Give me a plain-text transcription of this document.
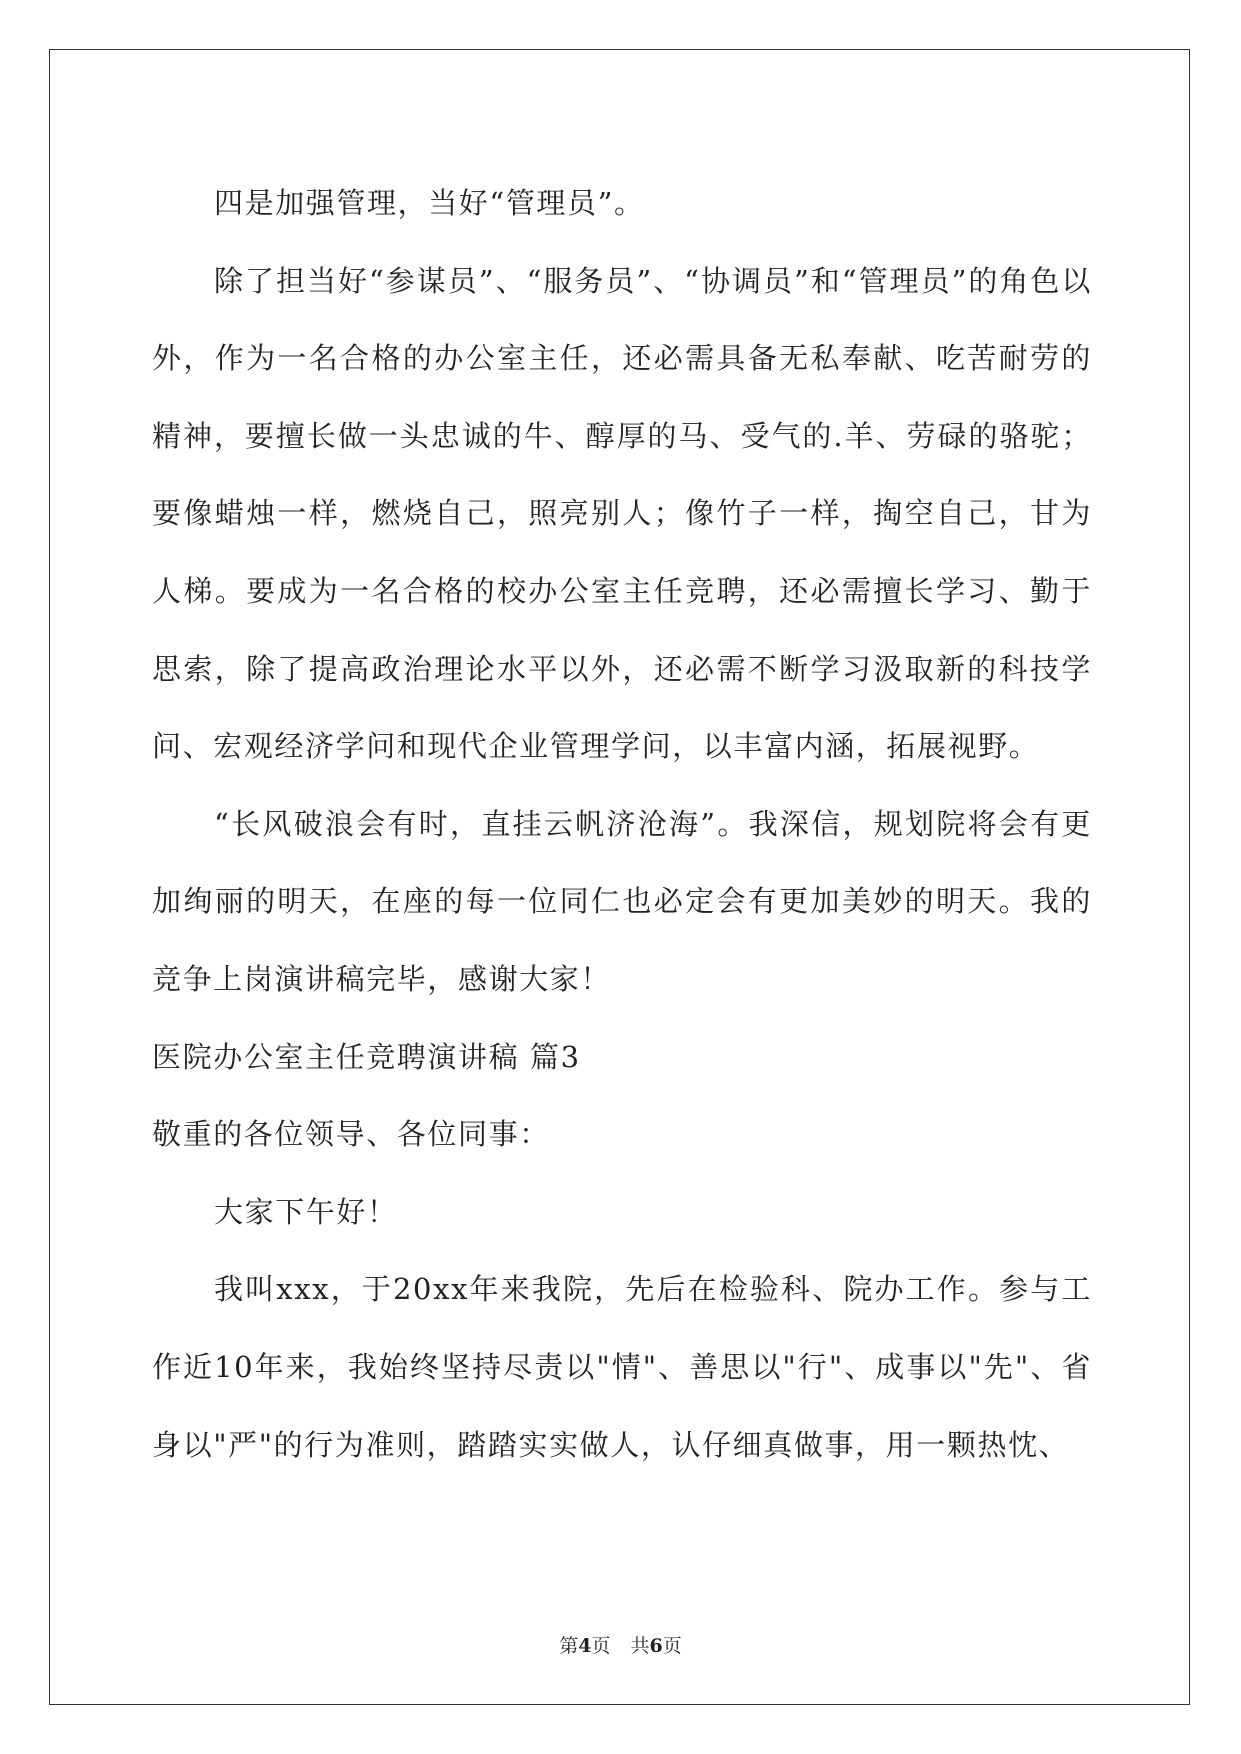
四是加强管理，当好“管理员”。

除了担当好“参谋员”、“服务员”、“协调员”和“管理员”的角色以外，作为一名合格的办公室主任，还必需具备无私奉献、吃苦耐劳的精神，要擅长做一头忠诚的牛、醇厚的马、受气的.羊、劳碌的骆驼；要像蜡烛一样，燃烧自己，照亮别人；像竹子一样，掏空自己，甘为人梯。要成为一名合格的校办公室主任竞聘，还必需擅长学习、勤于思索，除了提高政治理论水平以外，还必需不断学习汲取新的科技学问、宏观经济学问和现代企业管理学问，以丰富内涵，拓展视野。

“长风破浪会有时，直挂云帆济沧海”。我深信，规划院将会有更加绚丽的明天，在座的每一位同仁也必定会有更加美妙的明天。我的竞争上岗演讲稿完毕，感谢大家！

医院办公室主任竞聘演讲稿 篇3

敬重的各位领导、各位同事：

大家下午好！

我叫xxx，于20xx年来我院，先后在检验科、院办工作。参与工作近10年来，我始终坚持尽责以"情"、善思以"行"、成事以"先"、省身以"严"的行为准则，踏踏实实做人，认仔细真做事，用一颗热忱、

第4页 共6页
